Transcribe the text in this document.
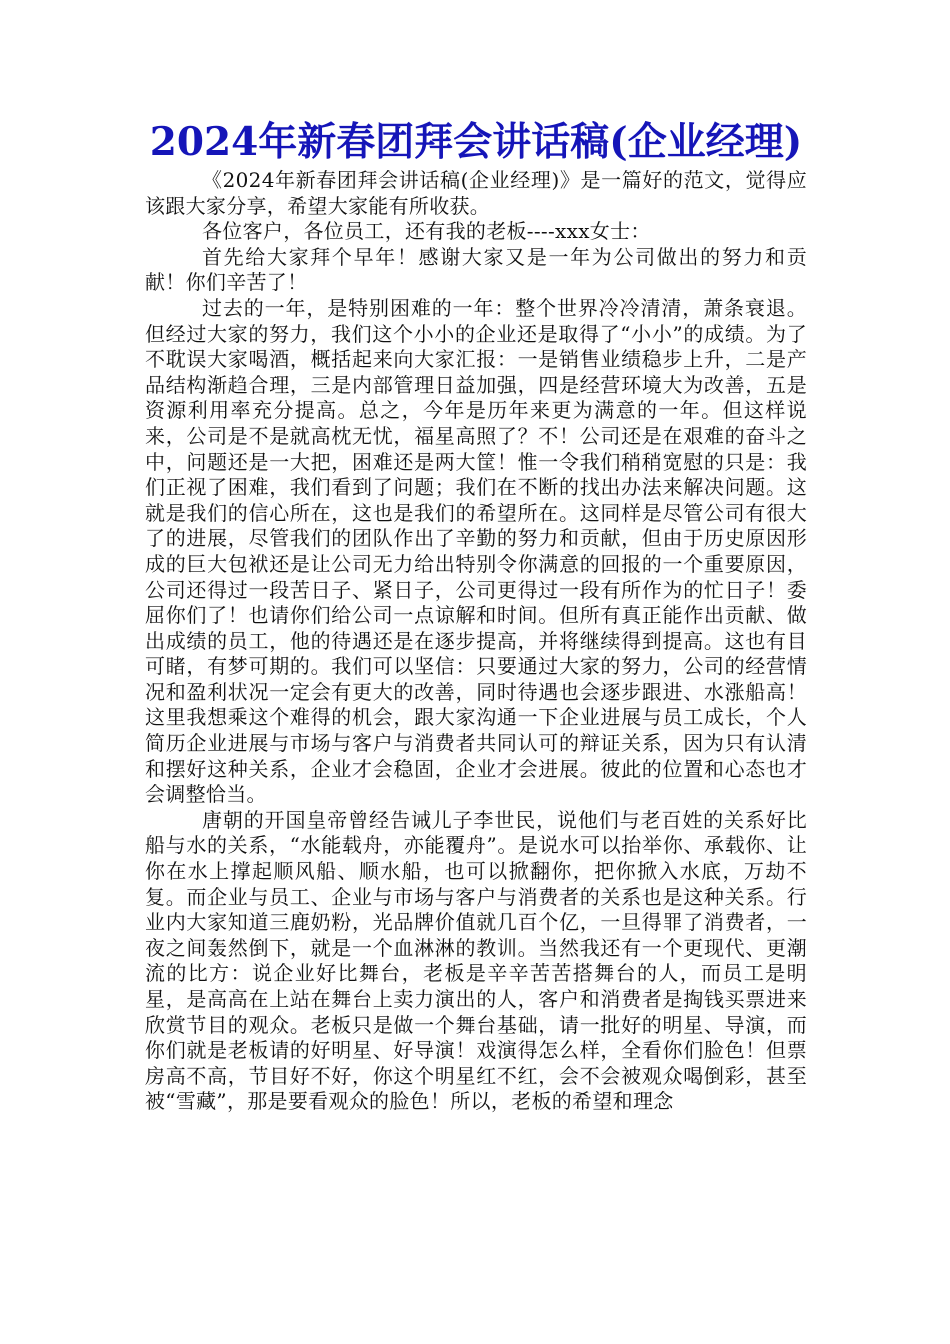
2024年新春团拜会讲话稿(企业经理)

《2024年新春团拜会讲话稿(企业经理)》是一篇好的范文，觉得应该跟大家分享，希望大家能有所收获。

各位客户，各位员工，还有我的老板----xxx女士：

首先给大家拜个早年！感谢大家又是一年为公司做出的努力和贡献！你们辛苦了！

过去的一年，是特别困难的一年：整个世界冷冷清清，萧条衰退。但经过大家的努力，我们这个小小的企业还是取得了“小小”的成绩。为了不耽误大家喝酒，概括起来向大家汇报：一是销售业绩稳步上升，二是产品结构渐趋合理，三是内部管理日益加强，四是经营环境大为改善，五是资源利用率充分提高。总之，今年是历年来更为满意的一年。但这样说来，公司是不是就高枕无忧，福星高照了？不！公司还是在艰难的奋斗之中，问题还是一大把，困难还是两大筐！惟一令我们稍稍宽慰的只是：我们正视了困难，我们看到了问题；我们在不断的找出办法来解决问题。这就是我们的信心所在，这也是我们的希望所在。这同样是尽管公司有很大了的进展，尽管我们的团队作出了辛勤的努力和贡献，但由于历史原因形成的巨大包袱还是让公司无力给出特别令你满意的回报的一个重要原因，公司还得过一段苦日子、紧日子，公司更得过一段有所作为的忙日子！委屈你们了！也请你们给公司一点谅解和时间。但所有真正能作出贡献、做出成绩的员工，他的待遇还是在逐步提高，并将继续得到提高。这也有目可睹，有梦可期的。我们可以坚信：只要通过大家的努力，公司的经营情况和盈利状况一定会有更大的改善，同时待遇也会逐步跟进、水涨船高！这里我想乘这个难得的机会，跟大家沟通一下企业进展与员工成长，个人简历企业进展与市场与客户与消费者共同认可的辩证关系，因为只有认清和摆好这种关系，企业才会稳固，企业才会进展。彼此的位置和心态也才会调整恰当。

唐朝的开国皇帝曾经告诫儿子李世民，说他们与老百姓的关系好比船与水的关系，“水能载舟，亦能覆舟”。是说水可以抬举你、承载你、让你在水上撑起顺风船、顺水船，也可以掀翻你，把你掀入水底，万劫不复。而企业与员工、企业与市场与客户与消费者的关系也是这种关系。行业内大家知道三鹿奶粉，光品牌价值就几百个亿，一旦得罪了消费者，一夜之间轰然倒下，就是一个血淋淋的教训。当然我还有一个更现代、更潮流的比方：说企业好比舞台，老板是辛辛苦苦搭舞台的人，而员工是明星，是高高在上站在舞台上卖力演出的人，客户和消费者是掏钱买票进来欣赏节目的观众。老板只是做一个舞台基础，请一批好的明星、导演，而你们就是老板请的好明星、好导演！戏演得怎么样，全看你们脸色！但票房高不高，节目好不好，你这个明星红不红，会不会被观众喝倒彩，甚至被“雪藏”，那是要看观众的脸色！所以，老板的希望和理念
